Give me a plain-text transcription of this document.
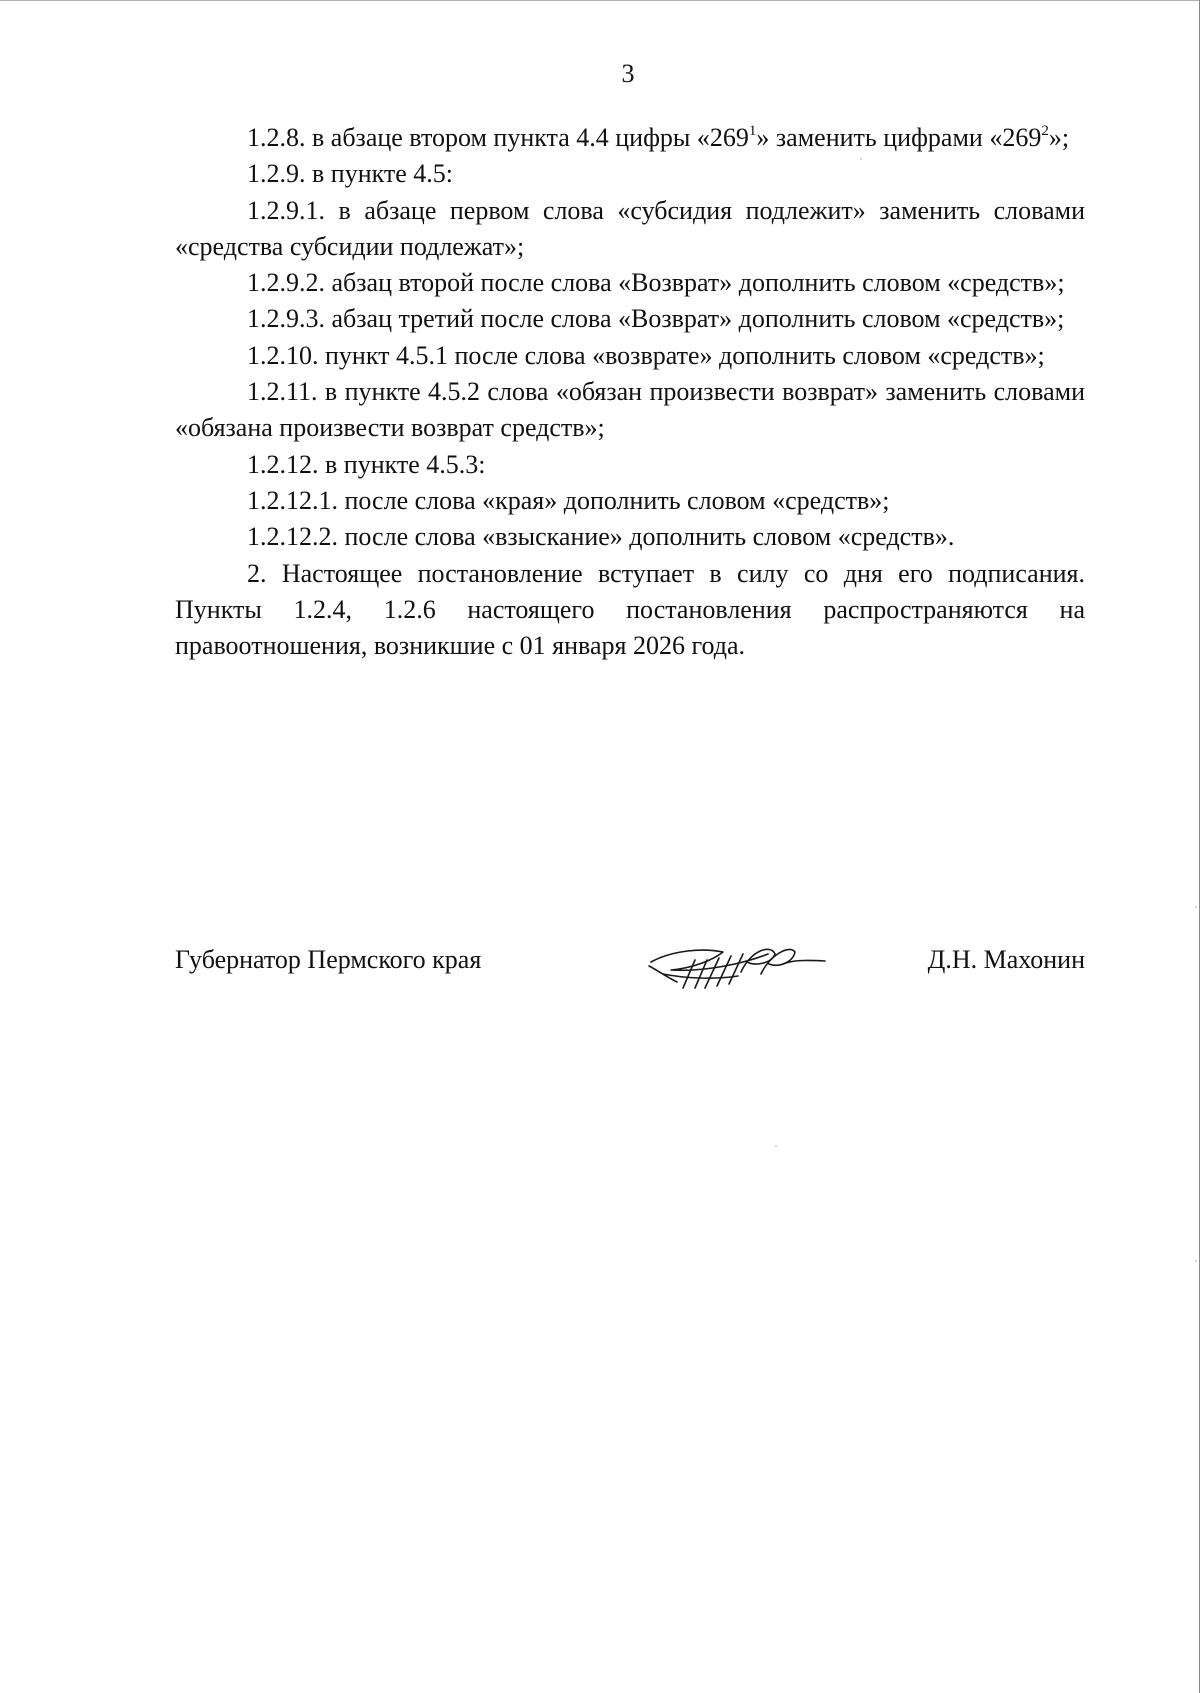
3

1.2.8. в абзаце втором пункта 4.4 цифры «$269^1$» заменить цифрами «$269^2$»;

1.2.9. в пункте 4.5:

1.2.9.1. в абзаце первом слова «субсидия подлежит» заменить словами «средства субсидии подлежат»;

1.2.9.2. абзац второй после слова «Возврат» дополнить словом «средств»;

1.2.9.3. абзац третий после слова «Возврат» дополнить словом «средств»;

1.2.10. пункт 4.5.1 после слова «возврате» дополнить словом «средств»;

1.2.11. в пункте 4.5.2 слова «обязан произвести возврат» заменить словами «обязана произвести возврат средств»;

1.2.12. в пункте 4.5.3:

1.2.12.1. после слова «края» дополнить словом «средств»;

1.2.12.2. после слова «взыскание» дополнить словом «средств».

2. Настоящее постановление вступает в силу со дня его подписания. Пункты 1.2.4, 1.2.6 настоящего постановления распространяются на правоотношения, возникшие с 01 января 2026 года.

Губернатор Пермского края	Д.Н. Махонин
